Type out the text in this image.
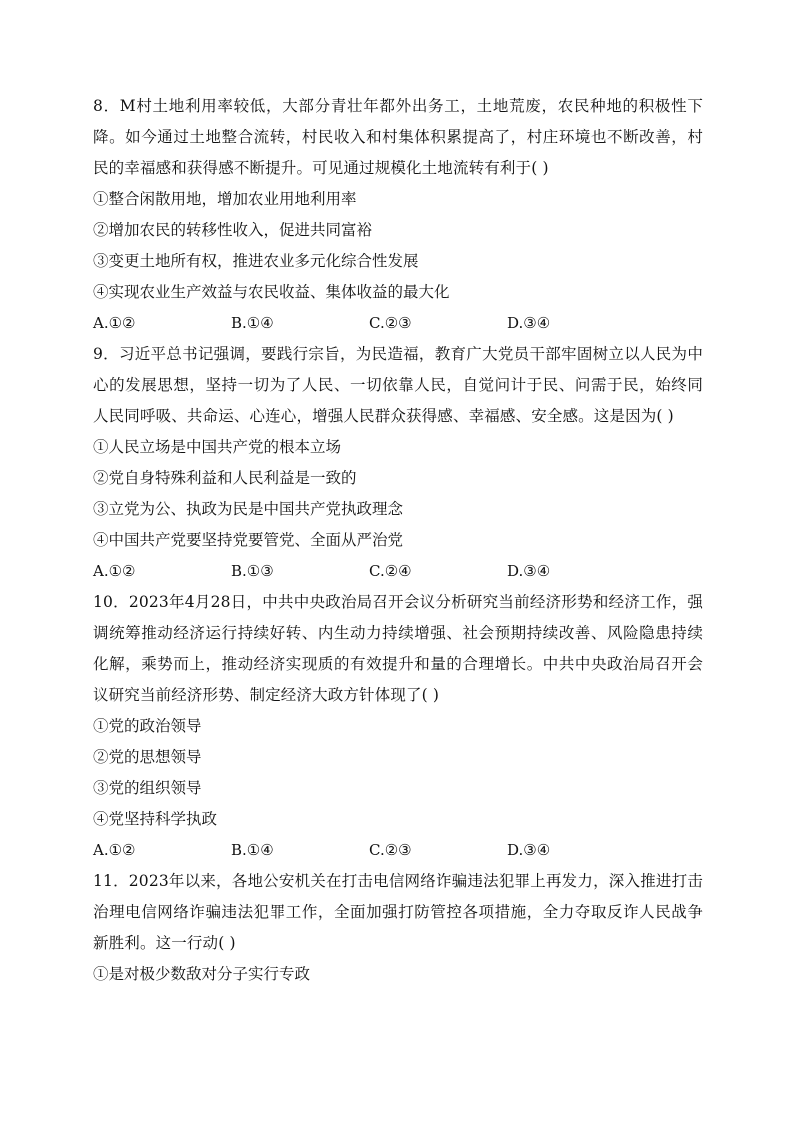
8．M村土地利用率较低，大部分青壮年都外出务工，土地荒废，农民种地的积极性下降。如今通过土地整合流转，村民收入和村集体积累提高了，村庄环境也不断改善，村民的幸福感和获得感不断提升。可见通过规模化土地流转有利于( )

①整合闲散用地，增加农业用地利用率

②增加农民的转移性收入，促进共同富裕

③变更土地所有权，推进农业多元化综合性发展

④实现农业生产效益与农民收益、集体收益的最大化

A.①②	B.①④	C.②③	D.③④

9．习近平总书记强调，要践行宗旨，为民造福，教育广大党员干部牢固树立以人民为中心的发展思想，坚持一切为了人民、一切依靠人民，自觉问计于民、问需于民，始终同人民同呼吸、共命运、心连心，增强人民群众获得感、幸福感、安全感。这是因为( )

①人民立场是中国共产党的根本立场

②党自身特殊利益和人民利益是一致的

③立党为公、执政为民是中国共产党执政理念

④中国共产党要坚持党要管党、全面从严治党

A.①②	B.①③	C.②④	D.③④

10．2023年4月28日，中共中央政治局召开会议分析研究当前经济形势和经济工作，强调统筹推动经济运行持续好转、内生动力持续增强、社会预期持续改善、风险隐患持续化解，乘势而上，推动经济实现质的有效提升和量的合理增长。中共中央政治局召开会议研究当前经济形势、制定经济大政方针体现了( )

①党的政治领导

②党的思想领导

③党的组织领导

④党坚持科学执政

A.①②	B.①④	C.②③	D.③④

11．2023年以来，各地公安机关在打击电信网络诈骗违法犯罪上再发力，深入推进打击治理电信网络诈骗违法犯罪工作，全面加强打防管控各项措施，全力夺取反诈人民战争新胜利。这一行动( )

①是对极少数敌对分子实行专政
